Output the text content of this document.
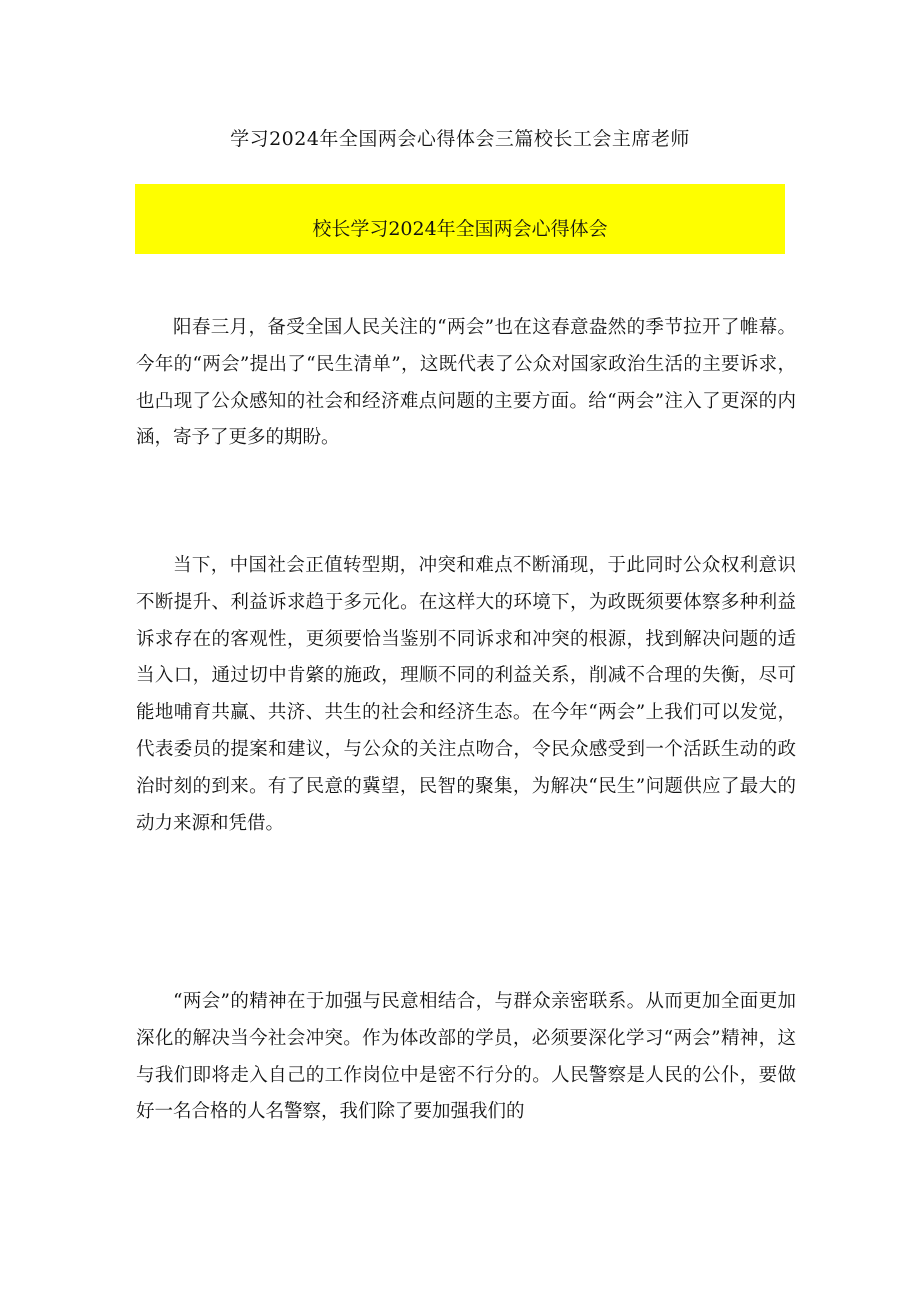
学习2024年全国两会心得体会三篇校长工会主席老师
校长学习2024年全国两会心得体会

阳春三月，备受全国人民关注的“两会”也在这春意盎然的季节拉开了帷幕。今年的“两会”提出了“民生清单”，这既代表了公众对国家政治生活的主要诉求，也凸现了公众感知的社会和经济难点问题的主要方面。给“两会”注入了更深的内涵，寄予了更多的期盼。

当下，中国社会正值转型期，冲突和难点不断涌现，于此同时公众权利意识不断提升、利益诉求趋于多元化。在这样大的环境下，为政既须要体察多种利益诉求存在的客观性，更须要恰当鉴别不同诉求和冲突的根源，找到解决问题的适当入口，通过切中肯綮的施政，理顺不同的利益关系，削减不合理的失衡，尽可能地哺育共赢、共济、共生的社会和经济生态。在今年“两会”上我们可以发觉，代表委员的提案和建议，与公众的关注点吻合，令民众感受到一个活跃生动的政治时刻的到来。有了民意的冀望，民智的聚集，为解决“民生”问题供应了最大的动力来源和凭借。

“两会”的精神在于加强与民意相结合，与群众亲密联系。从而更加全面更加深化的解决当今社会冲突。作为体改部的学员，必须要深化学习“两会”精神，这与我们即将走入自己的工作岗位中是密不行分的。人民警察是人民的公仆，要做好一名合格的人名警察，我们除了要加强我们的
